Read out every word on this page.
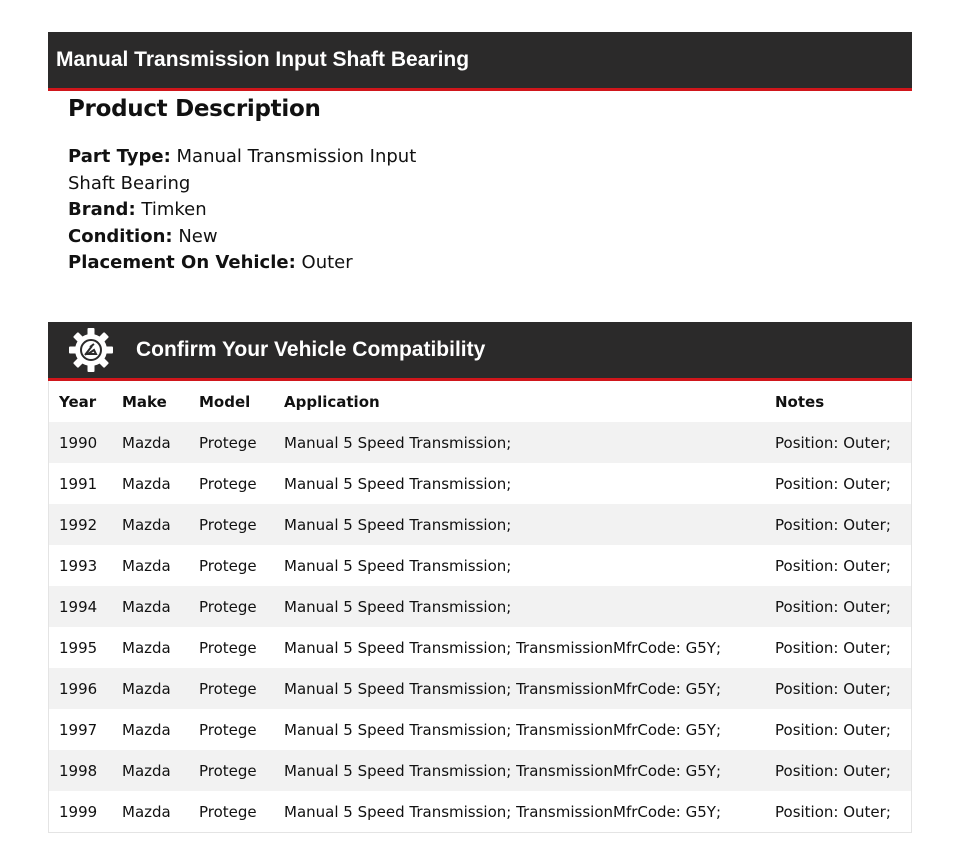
Manual Transmission Input Shaft Bearing
Product Description
Part Type: Manual Transmission Input Shaft Bearing
Brand: Timken
Condition: New
Placement On Vehicle: Outer
Confirm Your Vehicle Compatibility
Year	Make	Model	Application	Notes
1990	Mazda	Protege	Manual 5 Speed Transmission;	Position: Outer;
1991	Mazda	Protege	Manual 5 Speed Transmission;	Position: Outer;
1992	Mazda	Protege	Manual 5 Speed Transmission;	Position: Outer;
1993	Mazda	Protege	Manual 5 Speed Transmission;	Position: Outer;
1994	Mazda	Protege	Manual 5 Speed Transmission;	Position: Outer;
1995	Mazda	Protege	Manual 5 Speed Transmission; TransmissionMfrCode: G5Y;	Position: Outer;
1996	Mazda	Protege	Manual 5 Speed Transmission; TransmissionMfrCode: G5Y;	Position: Outer;
1997	Mazda	Protege	Manual 5 Speed Transmission; TransmissionMfrCode: G5Y;	Position: Outer;
1998	Mazda	Protege	Manual 5 Speed Transmission; TransmissionMfrCode: G5Y;	Position: Outer;
1999	Mazda	Protege	Manual 5 Speed Transmission; TransmissionMfrCode: G5Y;	Position: Outer;
